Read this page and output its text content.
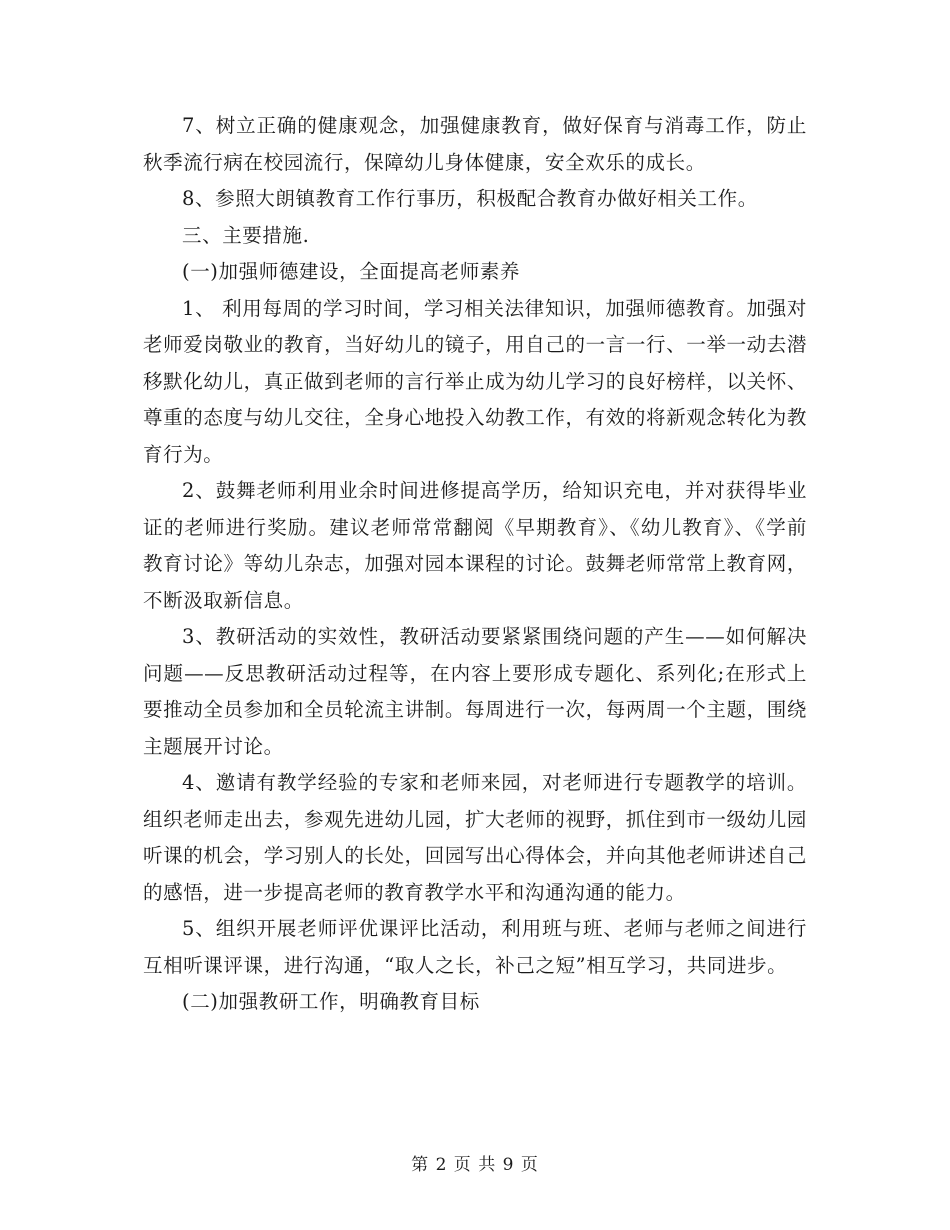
7、树立正确的健康观念，加强健康教育，做好保育与消毒工作，防止秋季流行病在校园流行，保障幼儿身体健康，安全欢乐的成长。

8、参照大朗镇教育工作行事历，积极配合教育办做好相关工作。

三、主要措施.

(一)加强师德建设，全面提高老师素养

1、 利用每周的学习时间，学习相关法律知识，加强师德教育。加强对老师爱岗敬业的教育，当好幼儿的镜子，用自己的一言一行、一举一动去潜移默化幼儿，真正做到老师的言行举止成为幼儿学习的良好榜样，以关怀、尊重的态度与幼儿交往，全身心地投入幼教工作，有效的将新观念转化为教育行为。

2、鼓舞老师利用业余时间进修提高学历，给知识充电，并对获得毕业证的老师进行奖励。建议老师常常翻阅《早期教育》、《幼儿教育》、《学前教育讨论》等幼儿杂志，加强对园本课程的讨论。鼓舞老师常常上教育网，不断汲取新信息。

3、教研活动的实效性，教研活动要紧紧围绕问题的产生——如何解决问题——反思教研活动过程等，在内容上要形成专题化、系列化;在形式上要推动全员参加和全员轮流主讲制。每周进行一次，每两周一个主题，围绕主题展开讨论。

4、邀请有教学经验的专家和老师来园，对老师进行专题教学的培训。组织老师走出去，参观先进幼儿园，扩大老师的视野，抓住到市一级幼儿园听课的机会，学习别人的长处，回园写出心得体会，并向其他老师讲述自己的感悟，进一步提高老师的教育教学水平和沟通沟通的能力。

5、组织开展老师评优课评比活动，利用班与班、老师与老师之间进行互相听课评课，进行沟通，“取人之长，补己之短”相互学习，共同进步。

(二)加强教研工作，明确教育目标

第 2 页 共 9 页
